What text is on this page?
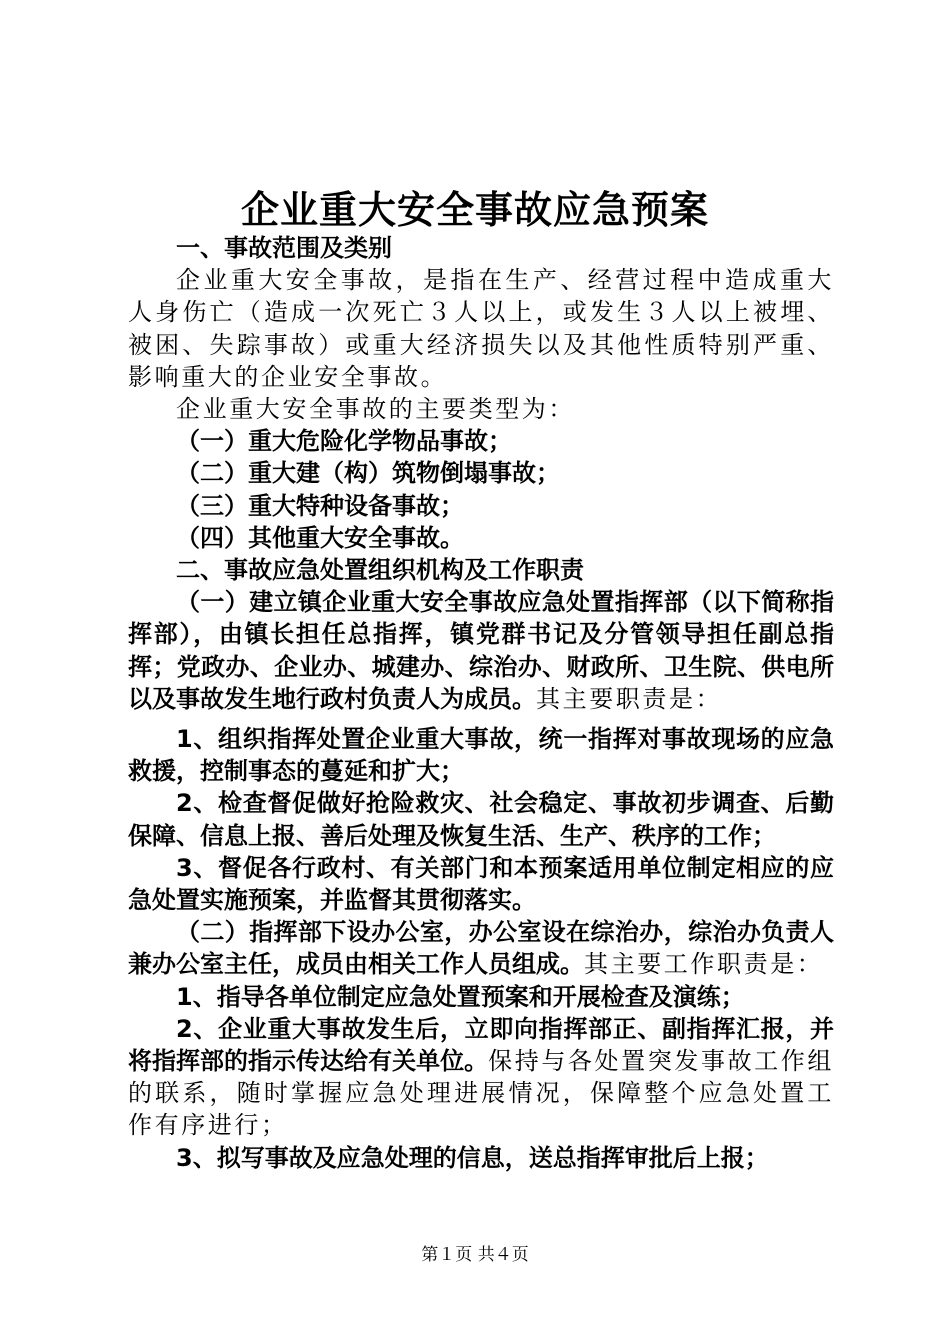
企业重大安全事故应急预案

一、事故范围及类别

企业重大安全事故，是指在生产、经营过程中造成重大人身伤亡（造成一次死亡３人以上，或发生３人以上被埋、被困、失踪事故）或重大经济损失以及其他性质特别严重、影响重大的企业安全事故。

企业重大安全事故的主要类型为：

（一）重大危险化学物品事故；

（二）重大建（构）筑物倒塌事故；

（三）重大特种设备事故；

（四）其他重大安全事故。

二、事故应急处置组织机构及工作职责

（一）建立镇企业重大安全事故应急处置指挥部（以下简称指挥部），由镇长担任总指挥，镇党群书记及分管领导担任副总指挥；党政办、企业办、城建办、综治办、财政所、卫生院、供电所以及事故发生地行政村负责人为成员。其主要职责是：

1、组织指挥处置企业重大事故，统一指挥对事故现场的应急救援，控制事态的蔓延和扩大；

2、检查督促做好抢险救灾、社会稳定、事故初步调查、后勤保障、信息上报、善后处理及恢复生活、生产、秩序的工作；

3、督促各行政村、有关部门和本预案适用单位制定相应的应急处置实施预案，并监督其贯彻落实。

（二）指挥部下设办公室，办公室设在综治办，综治办负责人兼办公室主任，成员由相关工作人员组成。其主要工作职责是：

1、指导各单位制定应急处置预案和开展检查及演练；

2、企业重大事故发生后，立即向指挥部正、副指挥汇报，并将指挥部的指示传达给有关单位。保持与各处置突发事故工作组的联系，随时掌握应急处理进展情况，保障整个应急处置工作有序进行；

3、拟写事故及应急处理的信息，送总指挥审批后上报；

第１页 共４页
